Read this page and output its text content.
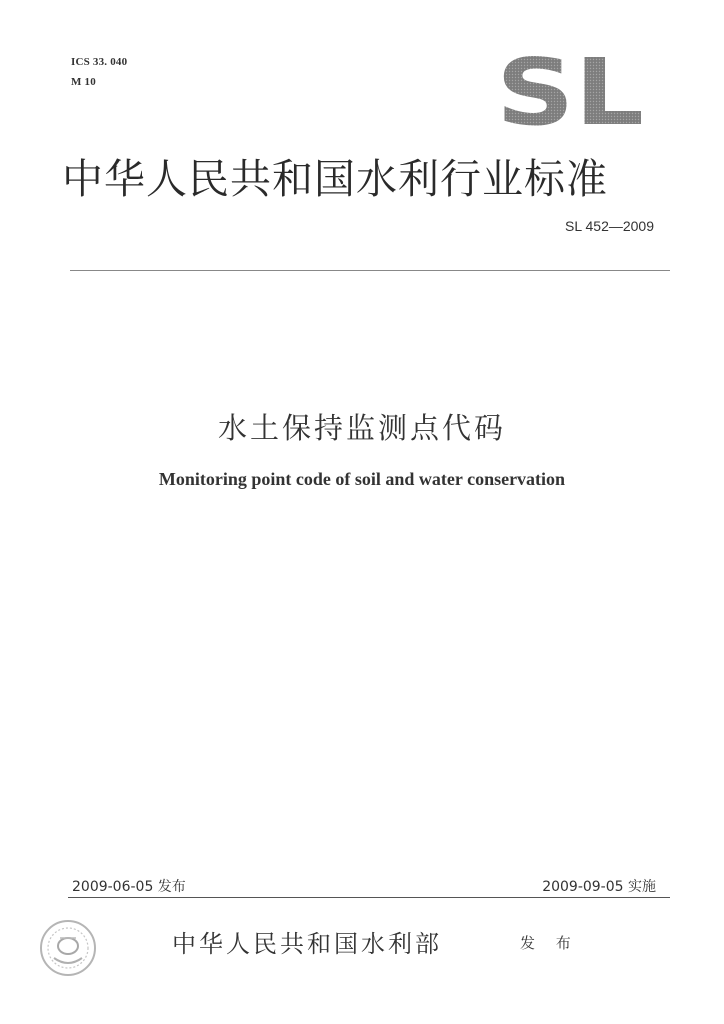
ICS 33. 040
M 10	SL
中华人民共和国水利行业标准
SL 452—2009
水土保持监测点代码
Monitoring point code of soil and water conservation
2009-06-05 发布	2009-09-05 实施
中华人民共和国水利部	发 布
